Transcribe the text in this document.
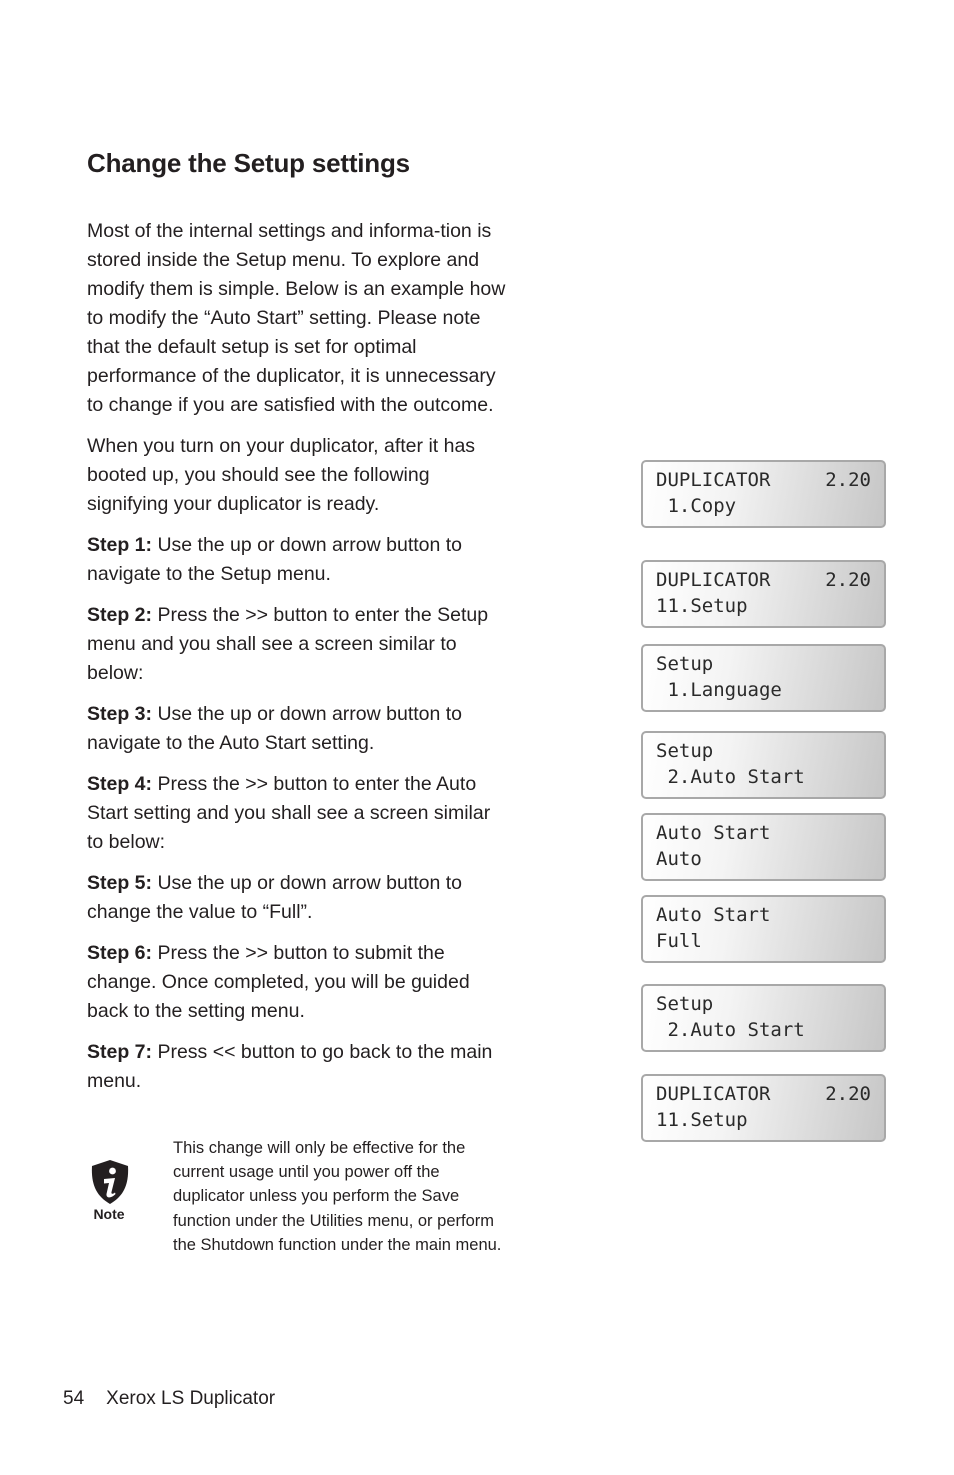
Change the Setup settings

Most of the internal settings and informa-tion is stored inside the Setup menu. To explore and modify them is simple. Below is an example how to modify the “Auto Start” setting. Please note that the default setup is set for optimal performance of the duplicator, it is unnecessary to change if you are satisfied with the outcome.

When you turn on your duplicator, after it has booted up, you should see the following signifying your duplicator is ready.

Step 1: Use the up or down arrow button to navigate to the Setup menu.

Step 2: Press the >> button to enter the Setup menu and you shall see a screen similar to below:

Step 3: Use the up or down arrow button to navigate to the Auto Start setting.

Step 4: Press the >> button to enter the Auto Start setting and you shall see a screen similar to below:

Step 5: Use the up or down arrow button to change the value to “Full”.

Step 6: Press the >> button to submit the change. Once completed, you will be guided back to the setting menu.

Step 7: Press << button to go back to the main menu.

Note
This change will only be effective for the current usage until you power off the duplicator unless you perform the Save function under the Utilities menu, or perform the Shutdown function under the main menu.
DUPLICATOR	2.20
1.Copy
DUPLICATOR	2.20
11.Setup
Setup
1.Language
Setup
2.Auto Start
Auto Start
Auto
Auto Start
Full
Setup
2.Auto Start
DUPLICATOR	2.20
11.Setup
54 Xerox LS Duplicator
